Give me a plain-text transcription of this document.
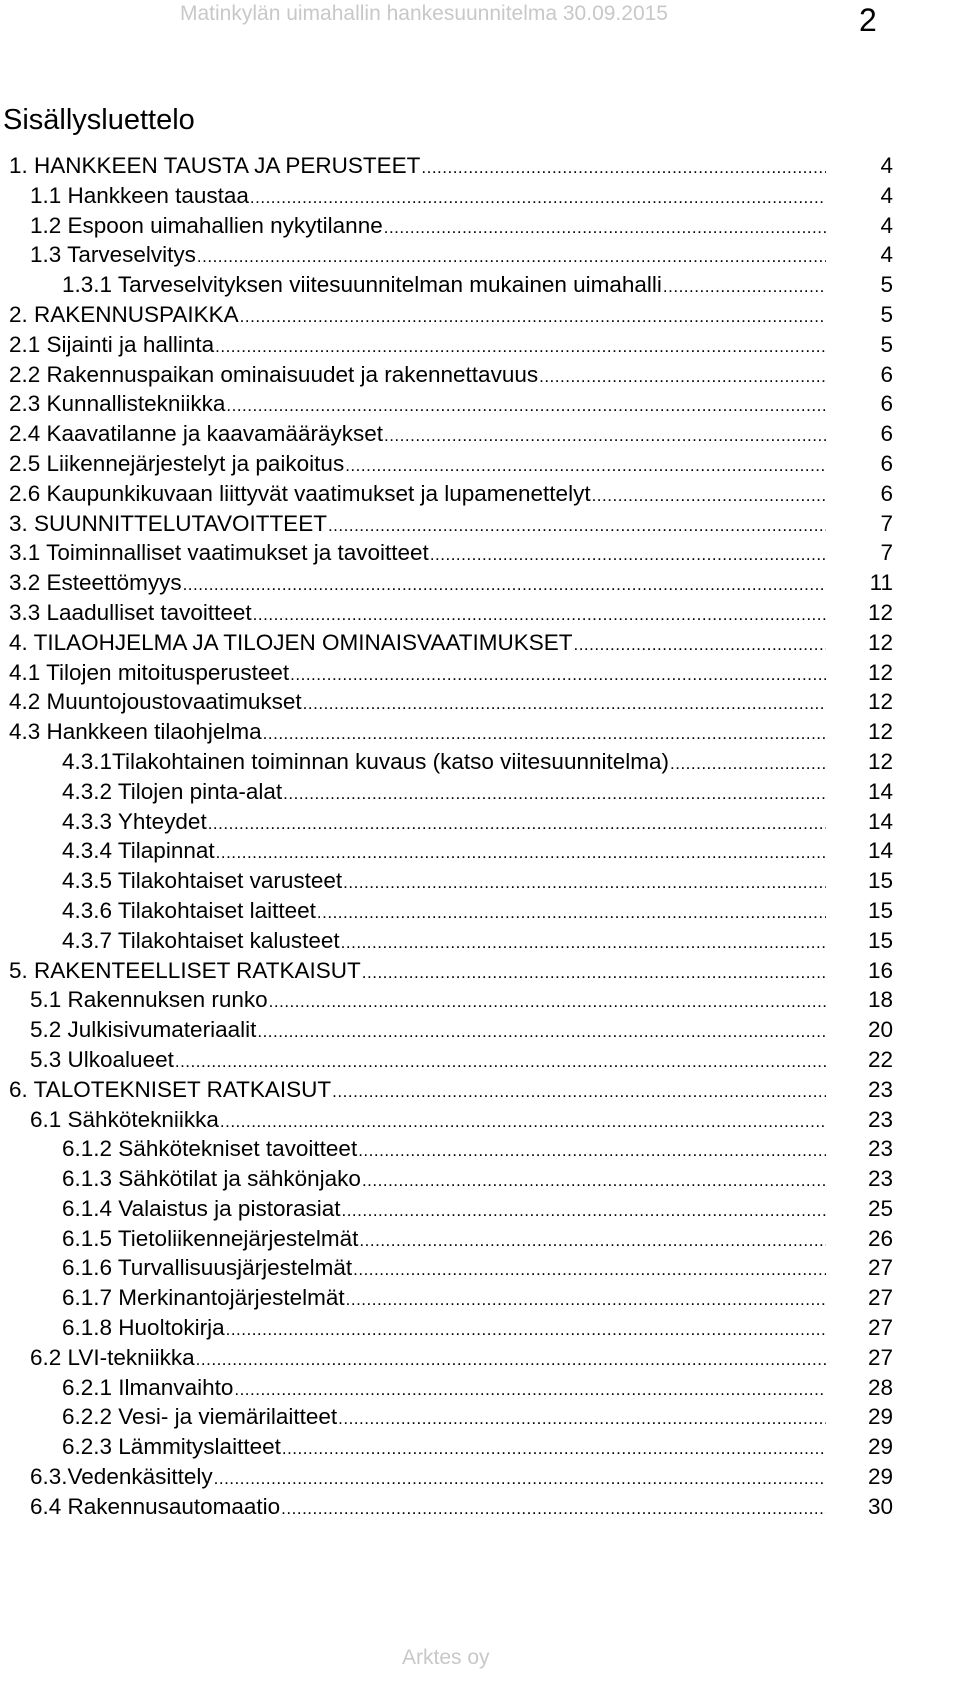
Matinkylän uimahallin hankesuunnitelma 30.09.2015	2
Sisällysluettelo
1. HANKKEEN TAUSTA JA PERUSTEET .....	4
1.1 Hankkeen taustaa .....	4
1.2 Espoon uimahallien nykytilanne .....	4
1.3 Tarveselvitys .....	4
1.3.1 Tarveselvityksen viitesuunnitelman mukainen uimahalli .....	5
2. RAKENNUSPAIKKA .....	5
2.1 Sijainti ja hallinta .....	5
2.2 Rakennuspaikan ominaisuudet ja rakennettavuus .....	6
2.3 Kunnallistekniikka .....	6
2.4 Kaavatilanne ja kaavamääräykset .....	6
2.5 Liikennejärjestelyt ja paikoitus .....	6
2.6 Kaupunkikuvaan liittyvät vaatimukset ja lupamenettelyt .....	6
3. SUUNNITTELUTAVOITTEET .....	7
3.1 Toiminnalliset vaatimukset ja tavoitteet .....	7
3.2 Esteettömyys .....	11
3.3 Laadulliset tavoitteet .....	12
4. TILAOHJELMA JA TILOJEN OMINAISVAATIMUKSET .....	12
4.1 Tilojen mitoitusperusteet .....	12
4.2 Muuntojoustovaatimukset .....	12
4.3 Hankkeen tilaohjelma .....	12
4.3.1Tilakohtainen toiminnan kuvaus (katso viitesuunnitelma) .....	12
4.3.2 Tilojen pinta-alat .....	14
4.3.3 Yhteydet .....	14
4.3.4 Tilapinnat .....	14
4.3.5 Tilakohtaiset varusteet .....	15
4.3.6 Tilakohtaiset laitteet .....	15
4.3.7 Tilakohtaiset kalusteet .....	15
5. RAKENTEELLISET RATKAISUT .....	16
5.1 Rakennuksen runko .....	18
5.2 Julkisivumateriaalit .....	20
5.3 Ulkoalueet .....	22
6. TALOTEKNISET RATKAISUT .....	23
6.1 Sähkötekniikka .....	23
6.1.2 Sähkötekniset tavoitteet .....	23
6.1.3 Sähkötilat ja sähkönjako .....	23
6.1.4 Valaistus ja pistorasiat .....	25
6.1.5 Tietoliikennejärjestelmät .....	26
6.1.6 Turvallisuusjärjestelmät .....	27
6.1.7 Merkinantojärjestelmät .....	27
6.1.8 Huoltokirja .....	27
6.2 LVI-tekniikka .....	27
6.2.1 Ilmanvaihto .....	28
6.2.2 Vesi- ja viemärilaitteet .....	29
6.2.3 Lämmityslaitteet .....	29
6.3.Vedenkäsittely .....	29
6.4 Rakennusautomaatio .....	30
Arktes oy
